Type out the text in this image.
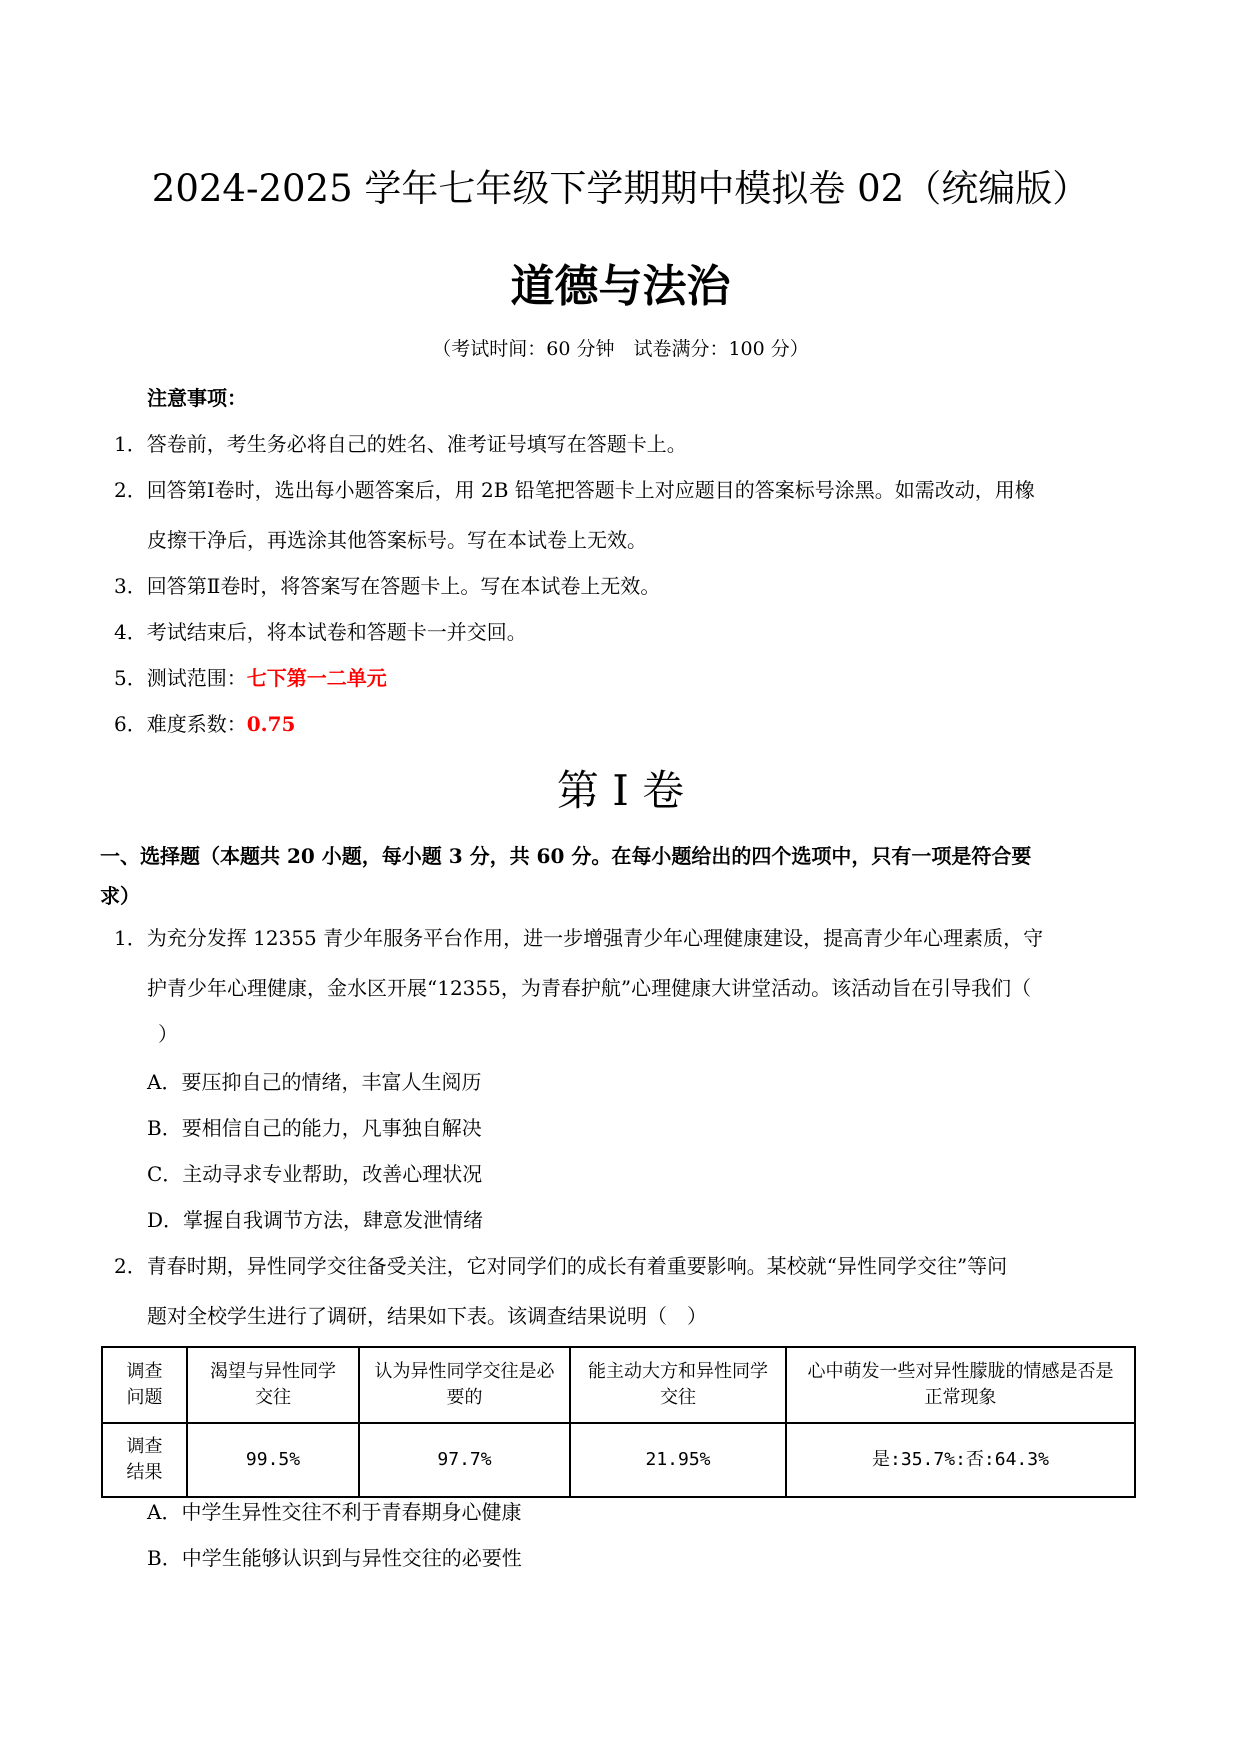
2024-2025 学年七年级下学期期中模拟卷 02（统编版）
道德与法治
（考试时间：60 分钟　试卷满分：100 分）
注意事项：
1．答卷前，考生务必将自己的姓名、准考证号填写在答题卡上。
2．回答第Ⅰ卷时，选出每小题答案后，用 2B 铅笔把答题卡上对应题目的答案标号涂黑。如需改动，用橡
皮擦干净后，再选涂其他答案标号。写在本试卷上无效。
3．回答第Ⅱ卷时，将答案写在答题卡上。写在本试卷上无效。
4．考试结束后，将本试卷和答题卡一并交回。
5．测试范围：七下第一二单元
6．难度系数：0.75
第 I 卷
一、选择题（本题共 20 小题，每小题 3 分，共 60 分。在每小题给出的四个选项中，只有一项是符合要
求）
1．为充分发挥 12355 青少年服务平台作用，进一步增强青少年心理健康建设，提高青少年心理素质，守
护青少年心理健康，金水区开展“12355，为青春护航”心理健康大讲堂活动。该活动旨在引导我们（
）
A．要压抑自己的情绪，丰富人生阅历
B．要相信自己的能力，凡事独自解决
C．主动寻求专业帮助，改善心理状况
D．掌握自我调节方法，肆意发泄情绪
2．青春时期，异性同学交往备受关注，它对同学们的成长有着重要影响。某校就“异性同学交往”等问
题对全校学生进行了调研，结果如下表。该调查结果说明（　）
调查问题	渴望与异性同学交往	认为异性同学交往是必要的	能主动大方和异性同学交往	心中萌发一些对异性朦胧的情感是否是正常现象

调查结果	99.5%	97.7%	21.95%	是:35.7%:否:64.3%
A．中学生异性交往不利于青春期身心健康
B．中学生能够认识到与异性交往的必要性
